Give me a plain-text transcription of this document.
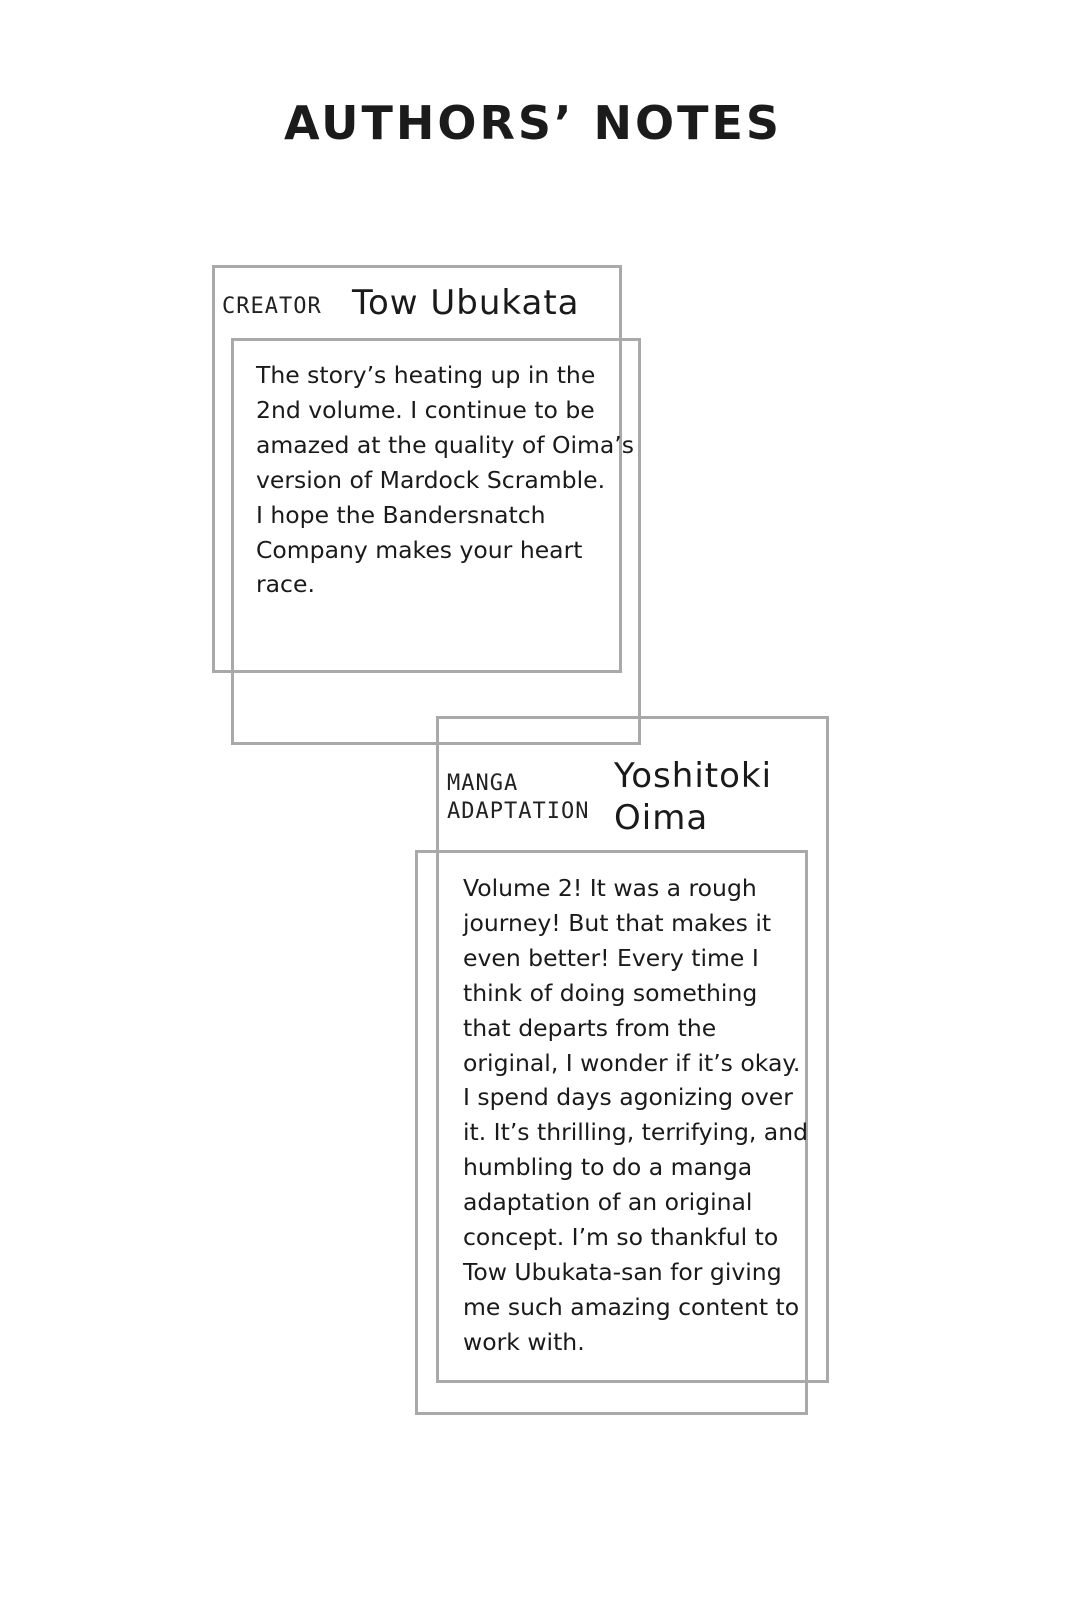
AUTHORS’ NOTES
CREATOR Tow Ubukata
The story’s heating up in the
2nd volume. I continue to be
amazed at the quality of Oima’s
version of Mardock Scramble.
I hope the Bandersnatch
Company makes your heart
race.
MANGA
ADAPTATION
Yoshitoki
Oima
Volume 2! It was a rough
journey! But that makes it
even better! Every time I
think of doing something
that departs from the
original, I wonder if it’s okay.
I spend days agonizing over
it. It’s thrilling, terrifying, and
humbling to do a manga
adaptation of an original
concept. I’m so thankful to
Tow Ubukata-san for giving
me such amazing content to
work with.
